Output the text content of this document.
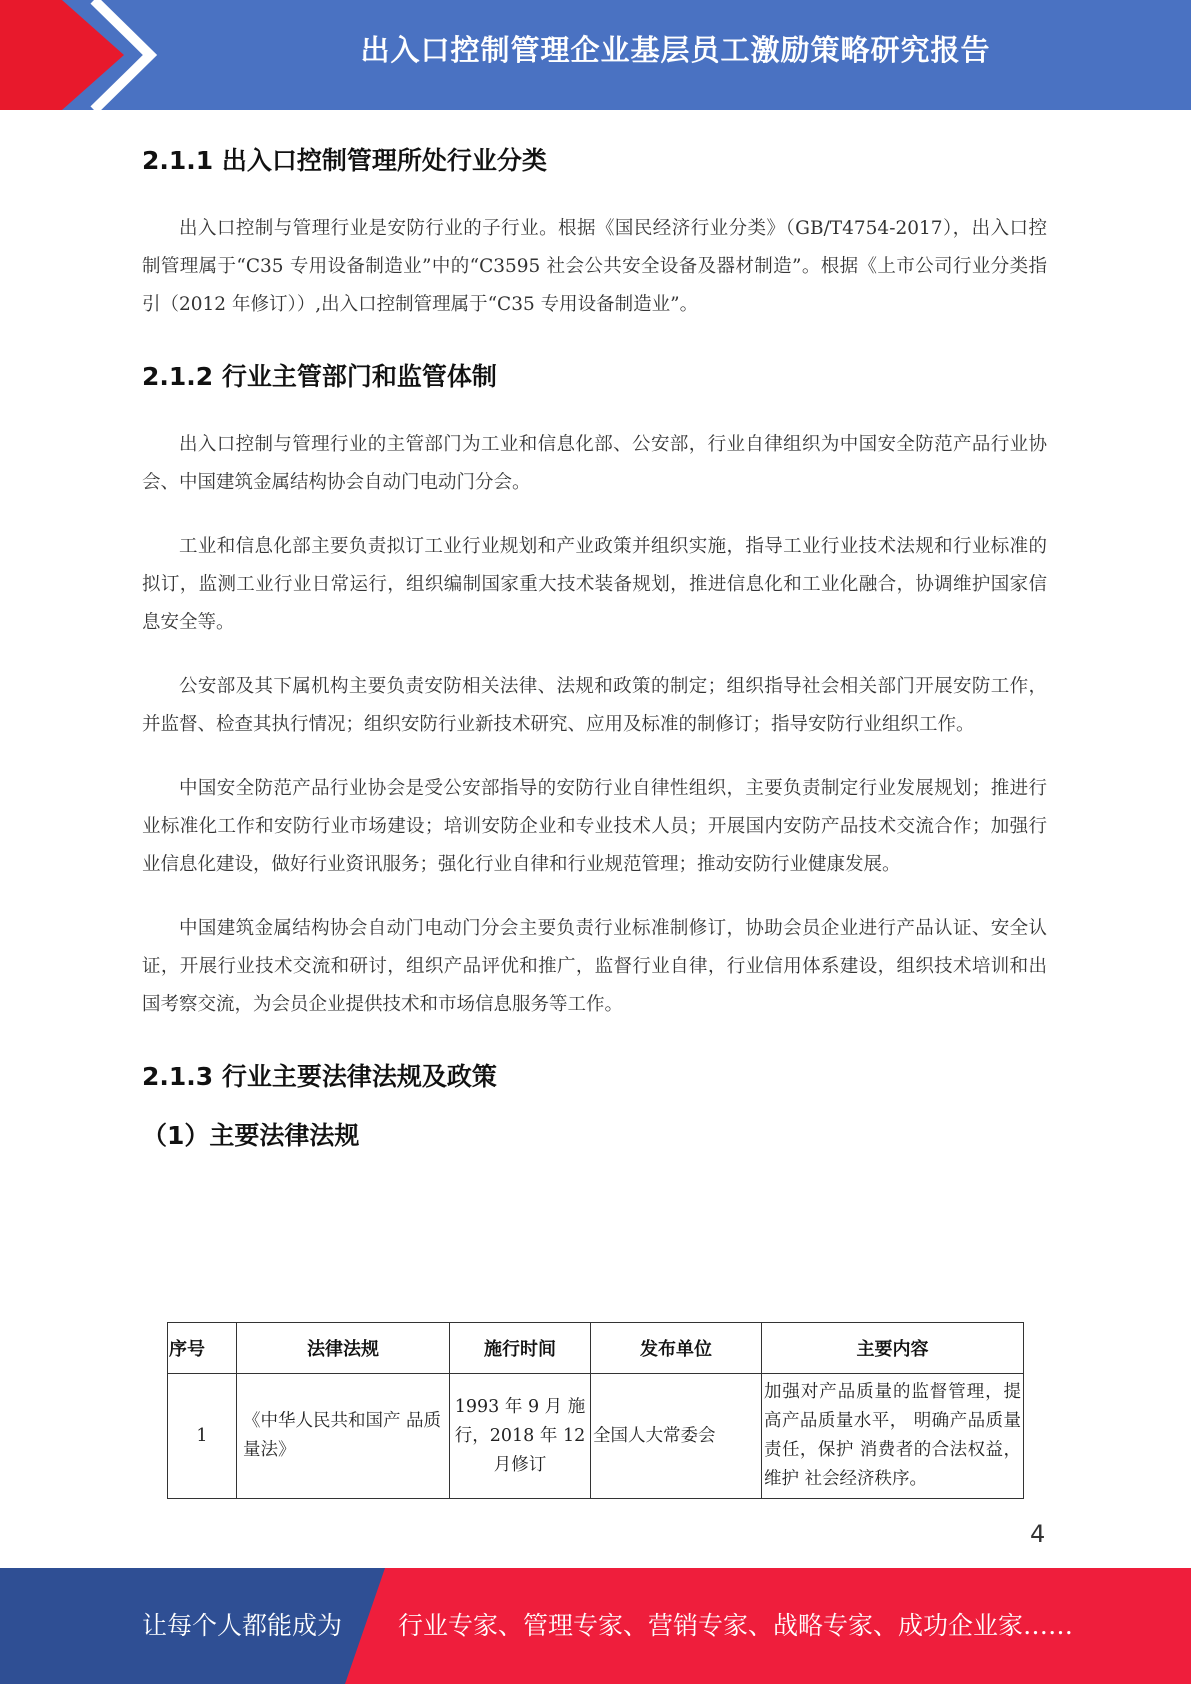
出入口控制管理企业基层员工激励策略研究报告
2.1.1 出入口控制管理所处行业分类

出入口控制与管理行业是安防行业的子行业。根据《国民经济行业分类》（GB/T4754-2017），出入口控制管理属于“C35 专用设备制造业”中的“C3595 社会公共安全设备及器材制造”。根据《上市公司行业分类指引（2012 年修订））,出入口控制管理属于“C35 专用设备制造业”。

2.1.2 行业主管部门和监管体制

出入口控制与管理行业的主管部门为工业和信息化部、公安部，行业自律组织为中国安全防范产品行业协会、中国建筑金属结构协会自动门电动门分会。

工业和信息化部主要负责拟订工业行业规划和产业政策并组织实施，指导工业行业技术法规和行业标准的拟订，监测工业行业日常运行，组织编制国家重大技术装备规划，推进信息化和工业化融合，协调维护国家信息安全等。

公安部及其下属机构主要负责安防相关法律、法规和政策的制定；组织指导社会相关部门开展安防工作，并监督、检查其执行情况；组织安防行业新技术研究、应用及标准的制修订；指导安防行业组织工作。

中国安全防范产品行业协会是受公安部指导的安防行业自律性组织，主要负责制定行业发展规划；推进行业标准化工作和安防行业市场建设；培训安防企业和专业技术人员；开展国内安防产品技术交流合作；加强行业信息化建设，做好行业资讯服务；强化行业自律和行业规范管理；推动安防行业健康发展。

中国建筑金属结构协会自动门电动门分会主要负责行业标准制修订，协助会员企业进行产品认证、安全认证，开展行业技术交流和研讨，组织产品评优和推广，监督行业自律，行业信用体系建设，组织技术培训和出国考察交流，为会员企业提供技术和市场信息服务等工作。

2.1.3 行业主要法律法规及政策
（1）主要法律法规
序号	法律法规	施行时间	发布单位	主要内容
1	《中华人民共和国产 品质量法》	1993 年 9 月 施行，2018 年 12 月修订	全国人大常委会	加强对产品质量的监督管理，提高产品质量水平， 明确产品质量责任，保护 消费者的合法权益，维护 社会经济秩序。
4
让每个人都能成为 行业专家、管理专家、营销专家、战略专家、成功企业家……
